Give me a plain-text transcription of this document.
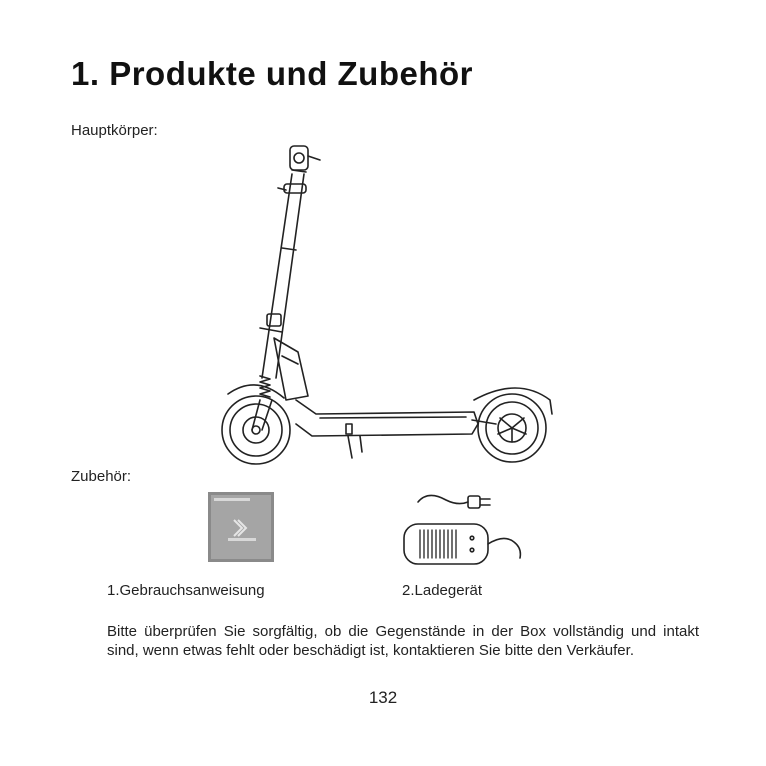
1. Produkte und Zubehör
Hauptkörper:
Zubehör:
1.Gebrauchsanweisung	2.Ladegerät

Bitte überprüfen Sie sorgfältig, ob die Gegenstände in der Box vollständig und intakt sind, wenn etwas fehlt oder beschädigt ist, kontaktieren Sie bitte den Verkäufer.

132
